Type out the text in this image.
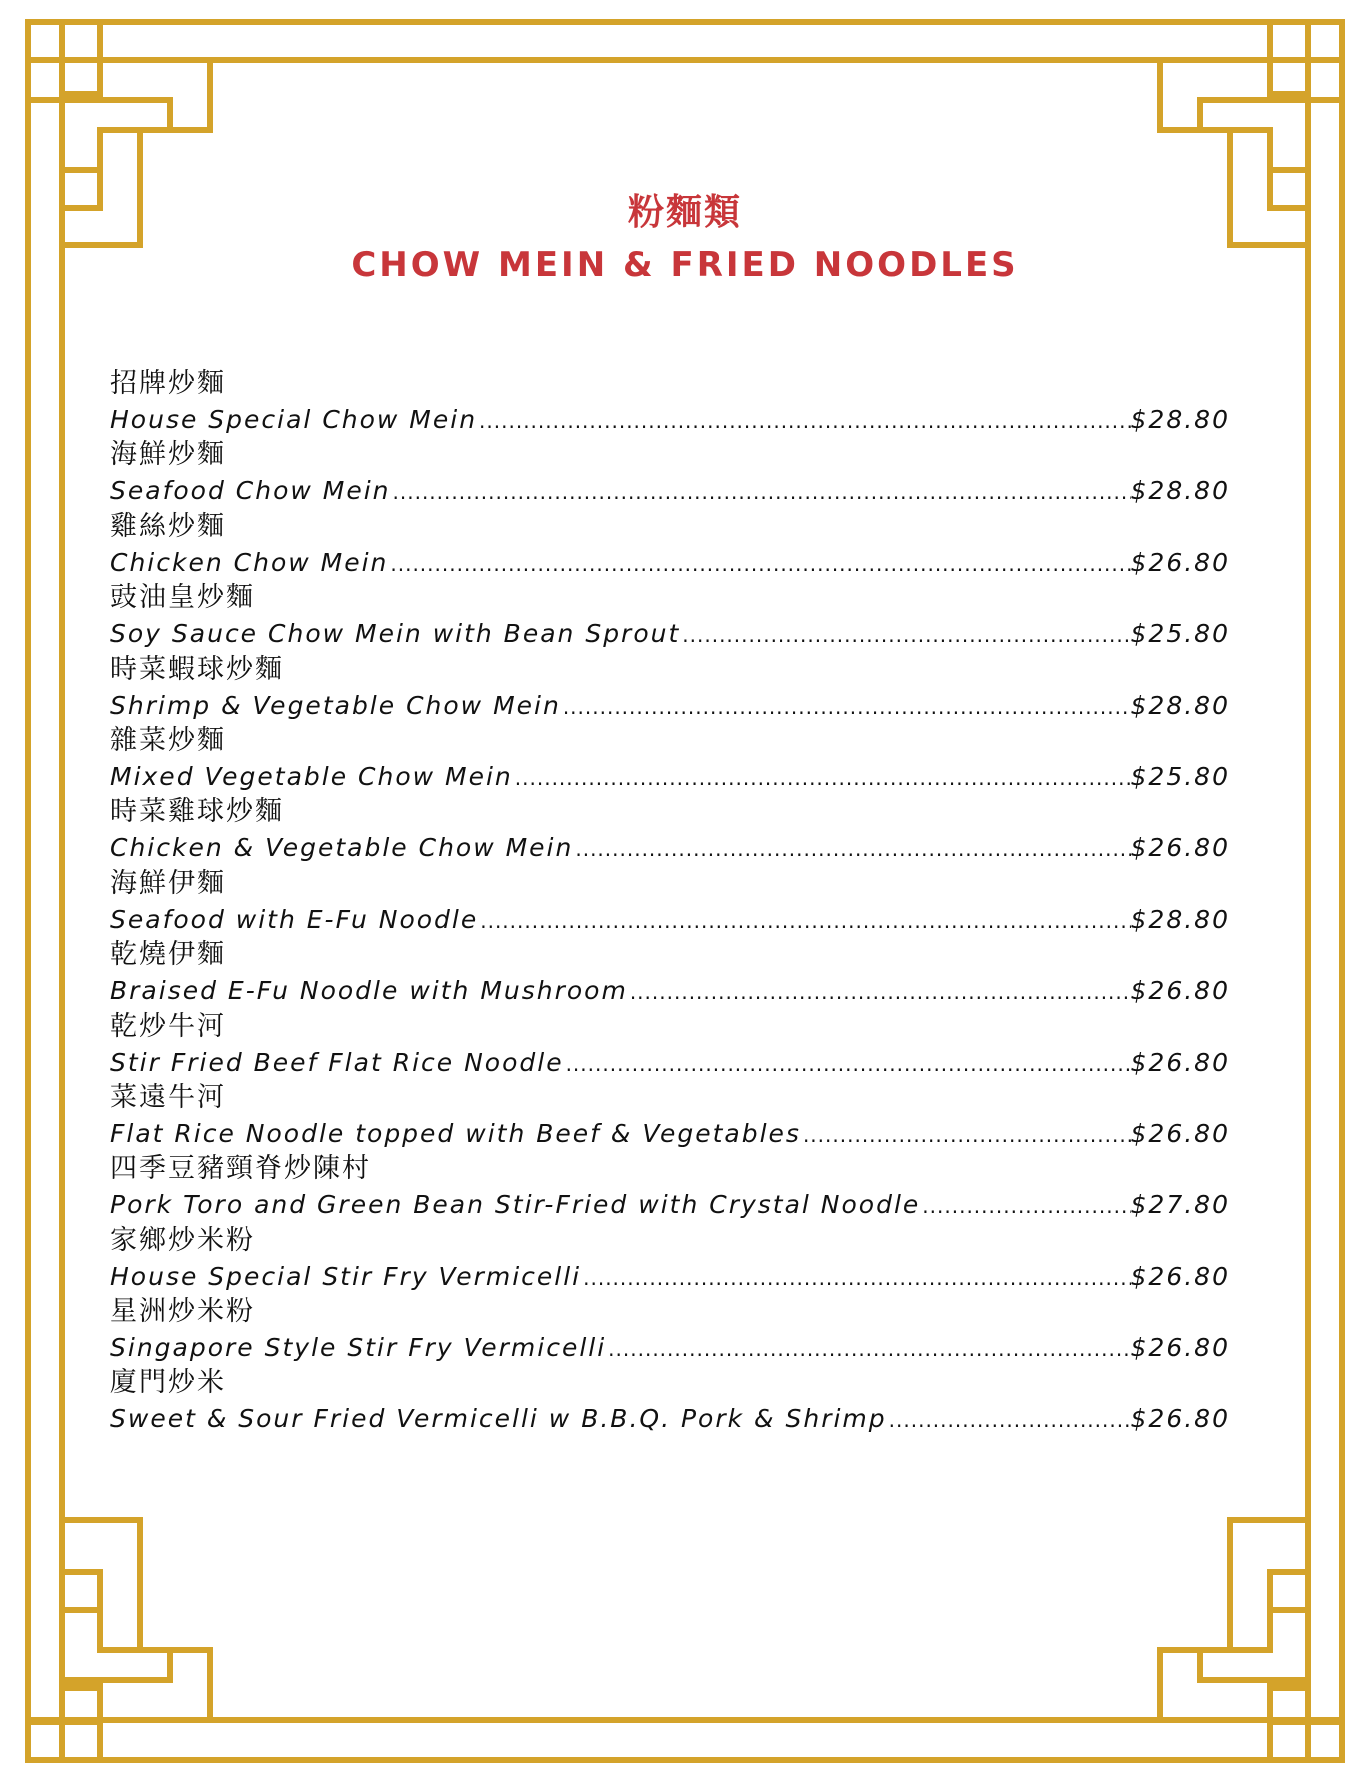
粉麵類
CHOW MEIN & FRIED NOODLES
招牌炒麵
House Special Chow Mein .....	$28.80
海鮮炒麵
Seafood Chow Mein .....	$28.80
雞絲炒麵
Chicken Chow Mein .....	$26.80
豉油皇炒麵
Soy Sauce Chow Mein with Bean Sprout .....	$25.80
時菜蝦球炒麵
Shrimp & Vegetable Chow Mein .....	$28.80
雜菜炒麵
Mixed Vegetable Chow Mein .....	$25.80
時菜雞球炒麵
Chicken & Vegetable Chow Mein .....	$26.80
海鮮伊麵
Seafood with E-Fu Noodle .....	$28.80
乾燒伊麵
Braised E-Fu Noodle with Mushroom .....	$26.80
乾炒牛河
Stir Fried Beef Flat Rice Noodle .....	$26.80
菜遠牛河
Flat Rice Noodle topped with Beef & Vegetables .....	$26.80
四季豆豬頸脊炒陳村
Pork Toro and Green Bean Stir-Fried with Crystal Noodle .....	$27.80
家鄉炒米粉
House Special Stir Fry Vermicelli .....	$26.80
星洲炒米粉
Singapore Style Stir Fry Vermicelli .....	$26.80
廈門炒米
Sweet & Sour Fried Vermicelli w B.B.Q. Pork & Shrimp .....	$26.80
